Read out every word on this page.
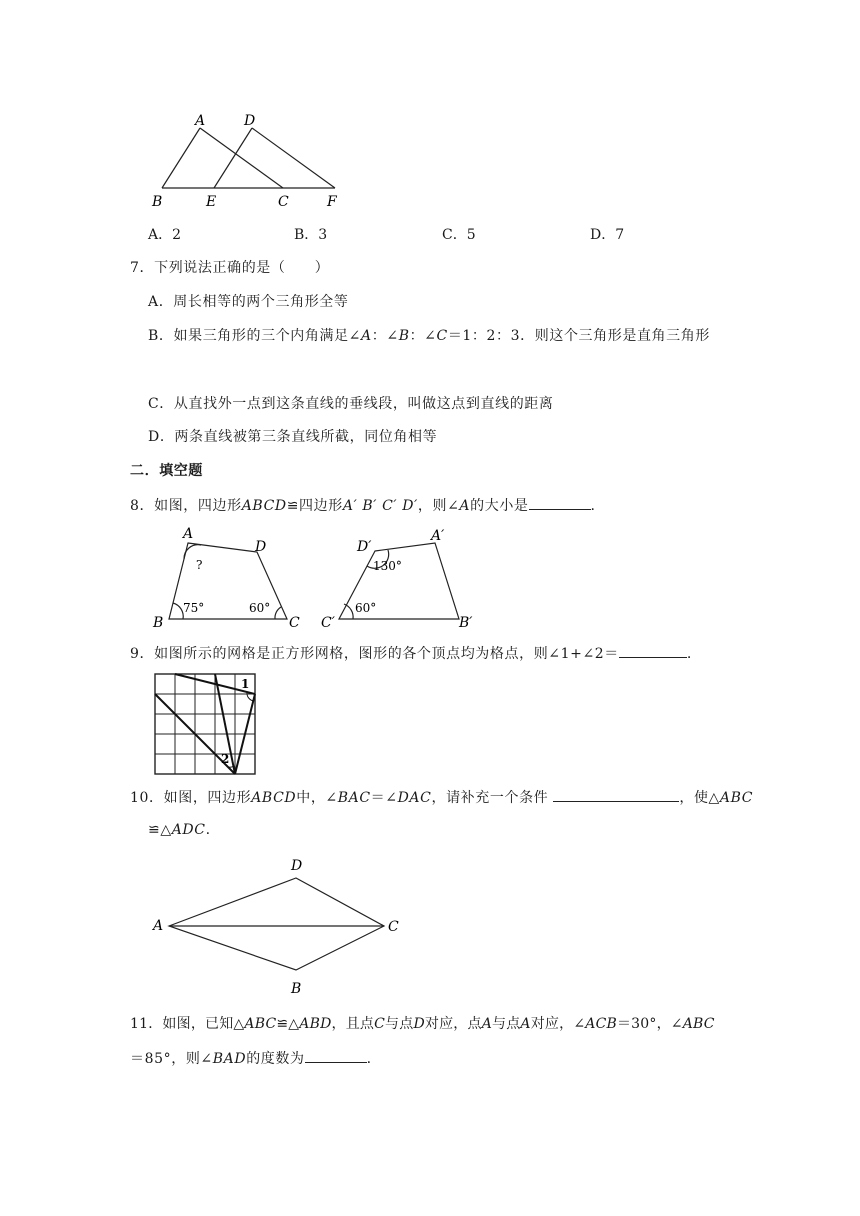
A	D
B	E	C	F
A．2	B．3	C．5	D．7
7．下列说法正确的是（　　）
A．周长相等的两个三角形全等
B．如果三角形的三个内角满足∠A：∠B：∠C＝1：2：3．则这个三角形是直角三角形
C．从直找外一点到这条直线的垂线段，叫做这点到直线的距离
D．两条直线被第三条直线所截，同位角相等
二．填空题
8．如图，四边形ABCD≌四边形A′ B′ C′ D′，则∠A的大小是	.
A
?
D
B
75°	60°
C
D′
130°
A′
C′
60°
B′
9．如图所示的网格是正方形网格，图形的各个顶点均为格点，则∠1+∠2＝	.
1
2
10．如图，四边形ABCD中，∠BAC＝∠DAC，请补充一个条件	，使△ABC
≌△ADC.
D
A	C
B
11．如图，已知△ABC≌△ABD，且点C与点D对应，点A与点A对应，∠ACB＝30°，∠ABC
＝85°，则∠BAD的度数为	.
